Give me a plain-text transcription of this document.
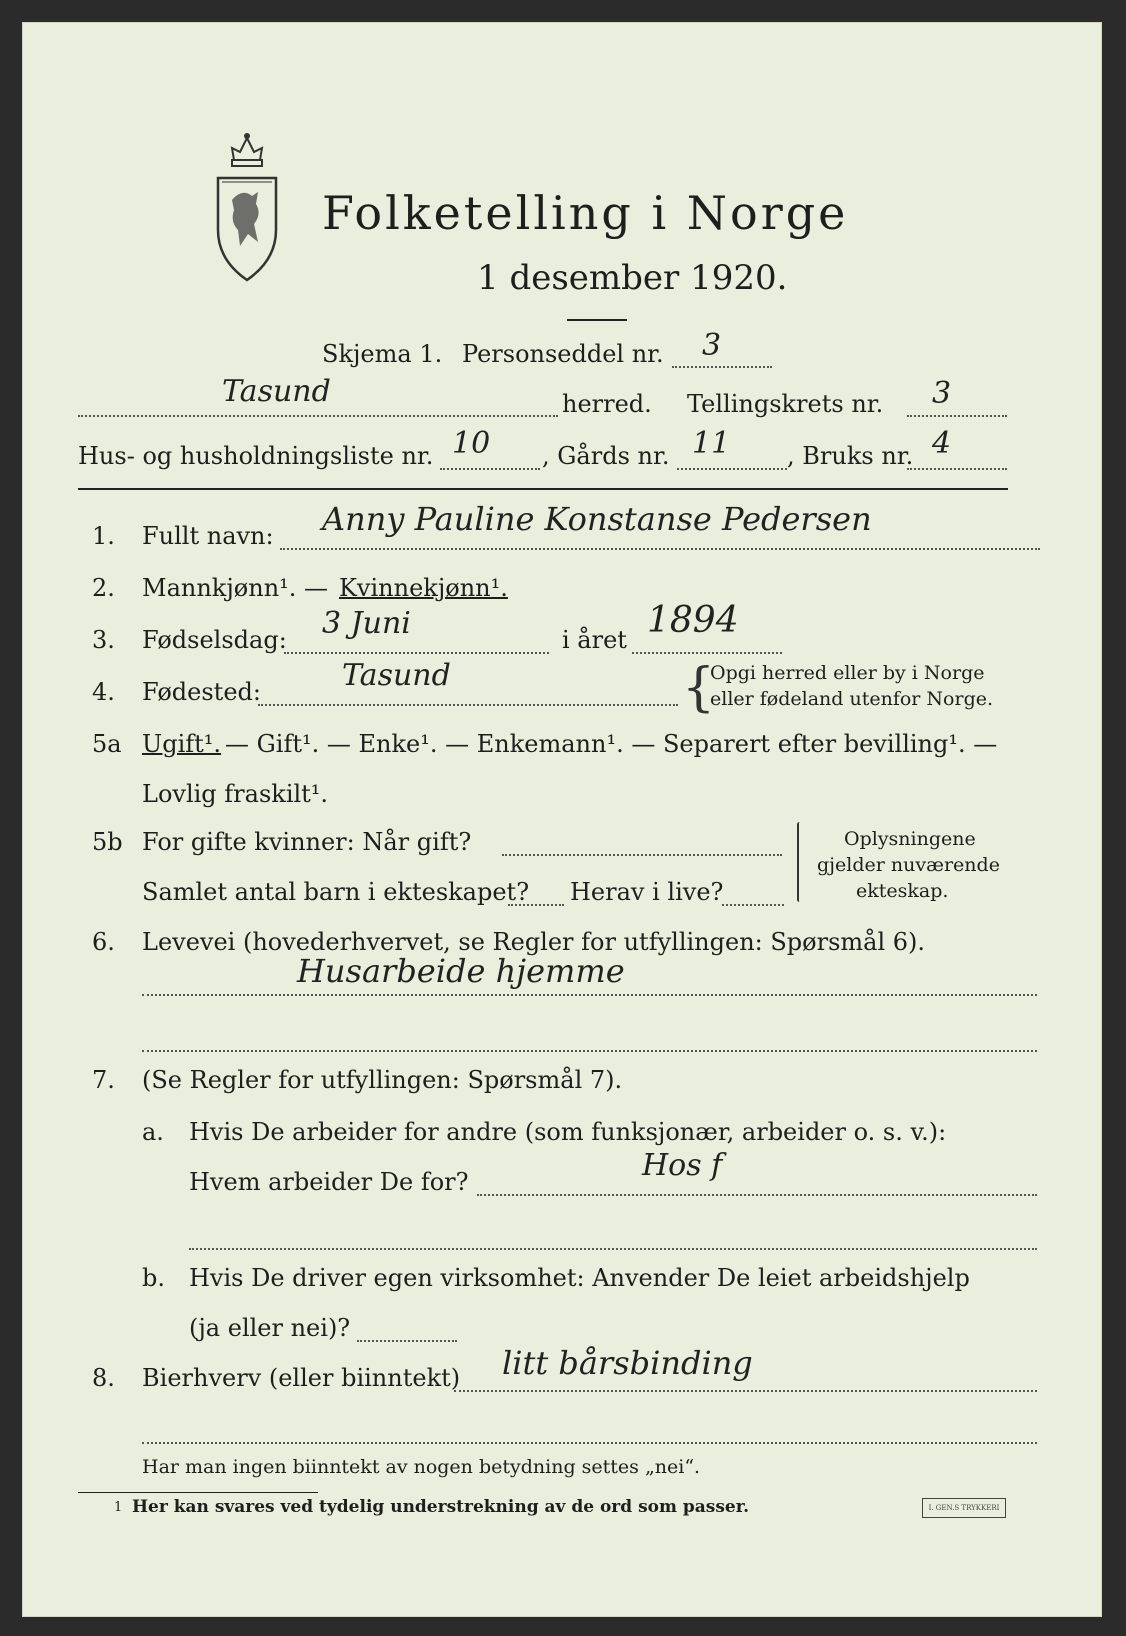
Folketelling i Norge
1 desember 1920.
Skjema 1. Personseddel nr. 3
Tasund	herred. Tellingskrets nr. 3
Hus- og husholdningsliste nr. 10 , Gårds nr. 11 , Bruks nr. 4
1. Fullt navn: Anny Pauline Konstanse Pedersen
2. Mannkjønn¹. — Kvinnekjønn¹.
3. Fødselsdag: 3 Juni	i året 1894
4. Fødested:	Tasund	{
Opgi herred eller by i Norge
eller fødeland utenfor Norge.
5a Ugift¹. — Gift¹. — Enke¹. — Enkemann¹. — Separert efter bevilling¹. —
Lovlig fraskilt¹.
5b For gifte kvinner: Når gift?
Samlet antal barn i ekteskapet? Herav i live?
Oplysningene
gjelder nuværende
ekteskap.
6. Levevei (hovederhvervet, se Regler for utfyllingen: Spørsmål 6).
Husarbeide hjemme
7. (Se Regler for utfyllingen: Spørsmål 7).
a. Hvis De arbeider for andre (som funksjonær, arbeider o. s. v.):
Hvem arbeider De for?	Hos f
b. Hvis De driver egen virksomhet: Anvender De leiet arbeidshjelp
(ja eller nei)?
8. Bierhverv (eller biinntekt) litt bårsbinding
Har man ingen biinntekt av nogen betydning settes „nei“.
1 Her kan svares ved tydelig understrekning av de ord som passer.	I. GEN.S TRYKKERI
